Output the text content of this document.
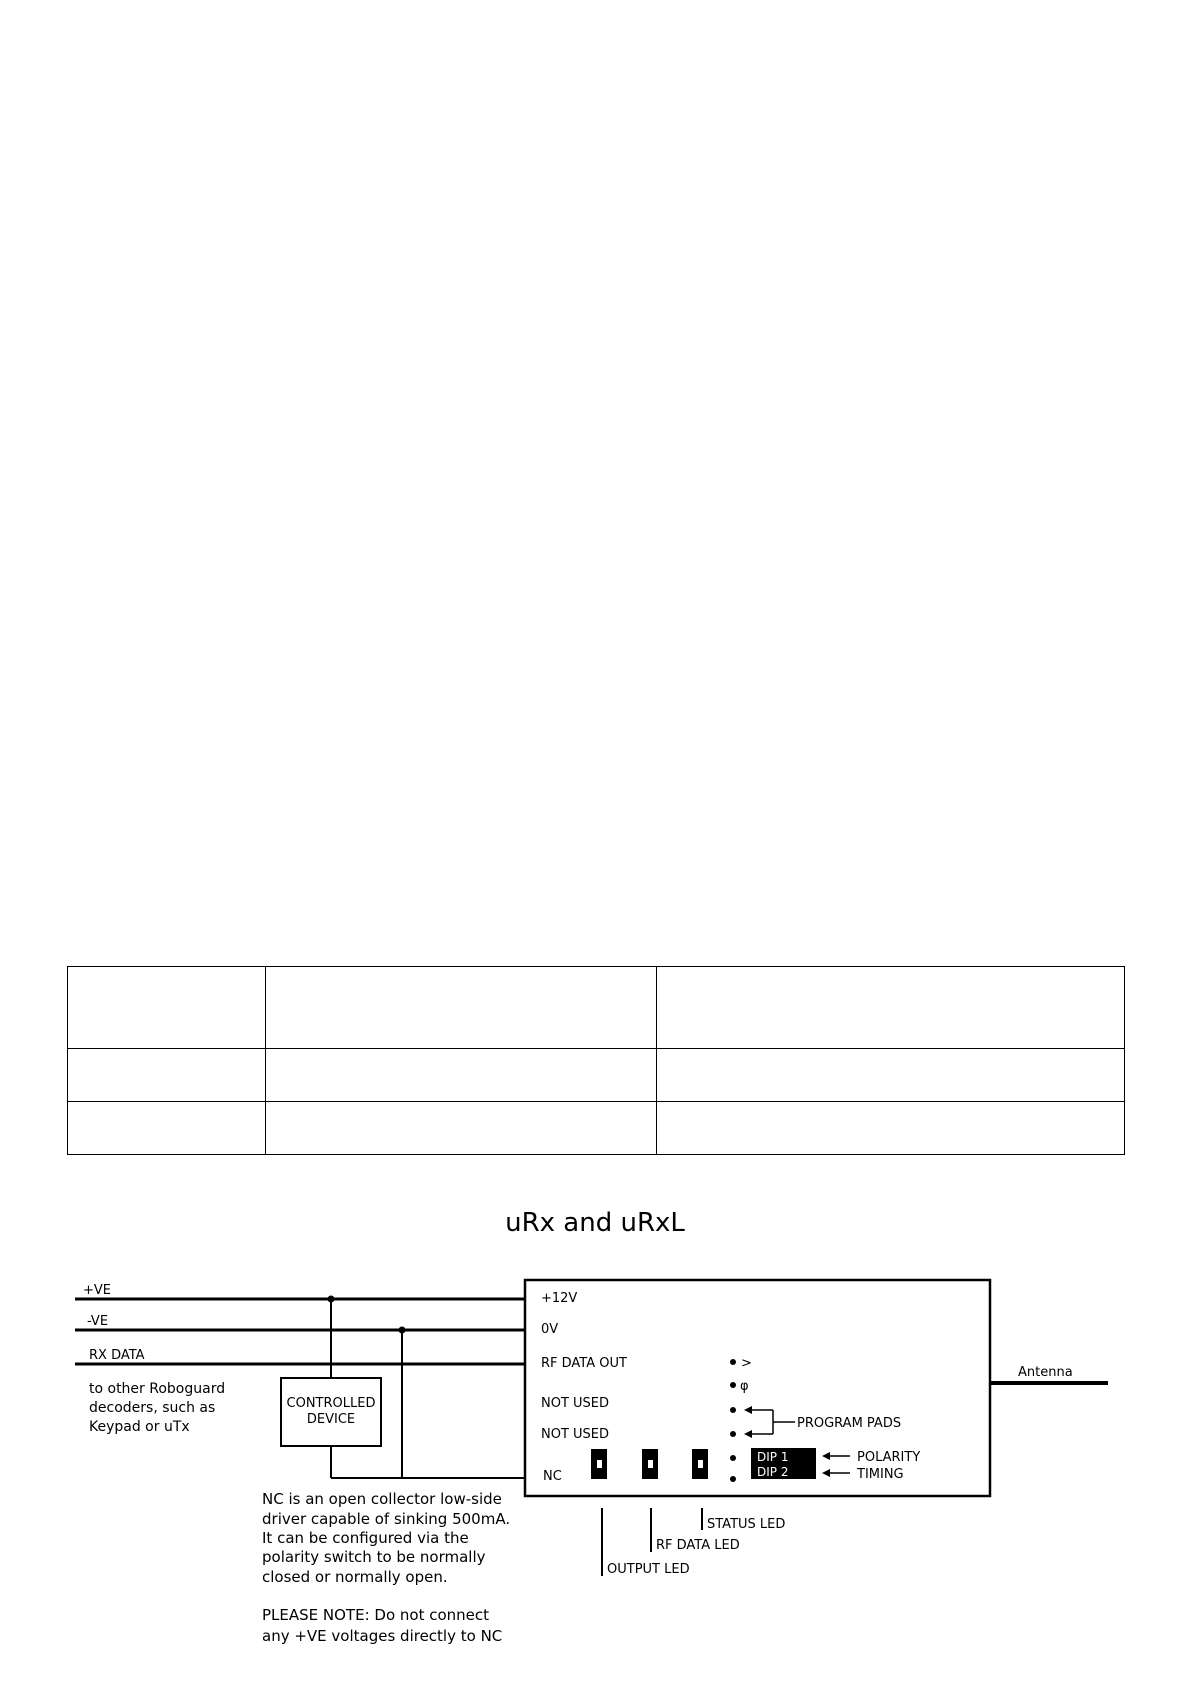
uRx and uRxL
+VE
-VE
RX DATA
to other Roboguard
decoders, such as
Keypad or uTx
CONTROLLED
DEVICE
+12V
0V
RF DATA OUT
NOT USED
NOT USED
NC
>
φ
PROGRAM PADS
DIP 1
DIP 2
POLARITY
TIMING
Antenna
STATUS LED
RF DATA LED
OUTPUT LED
NC is an open collector low-side
driver capable of sinking 500mA.
It can be configured via the
polarity switch to be normally
closed or normally open.
PLEASE NOTE: Do not connect
any +VE voltages directly to NC
